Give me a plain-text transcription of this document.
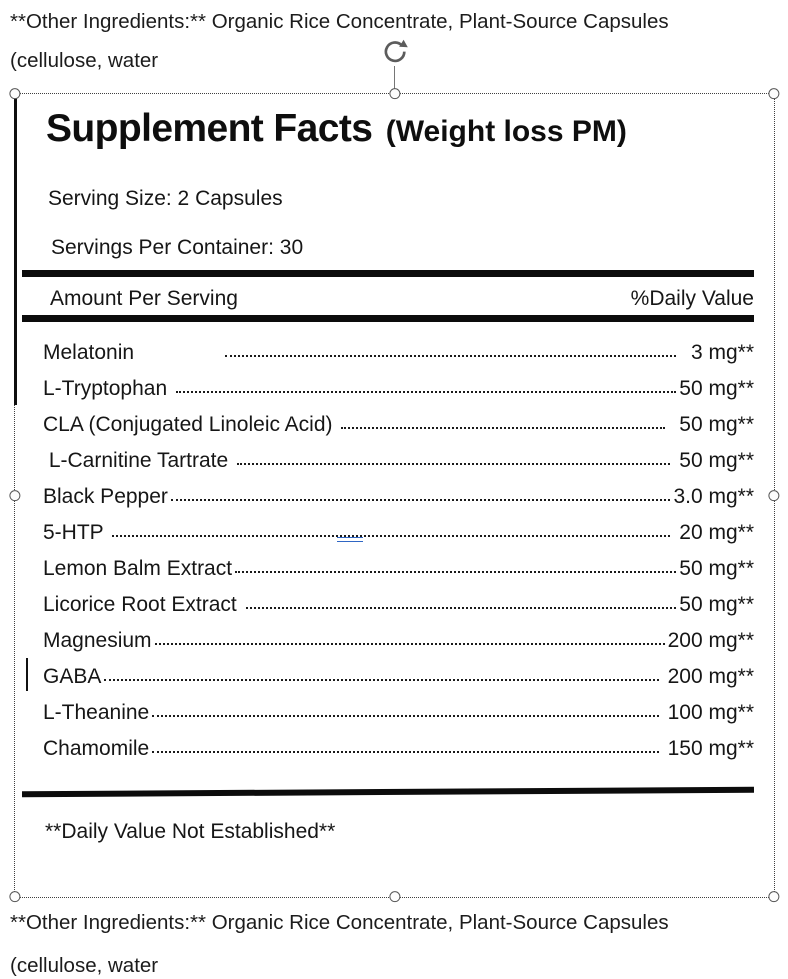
**Other Ingredients:** Organic Rice Concentrate, Plant-Source Capsules
(cellulose, water
Supplement Facts (Weight loss PM)
Serving Size: 2 Capsules
Servings Per Container: 30
Amount Per Serving	%Daily Value
Melatonin	3 mg**
L-Tryptophan	50 mg**
CLA (Conjugated Linoleic Acid)	50 mg**
L-Carnitine Tartrate	50 mg**
Black Pepper	3.0 mg**
5-HTP	20 mg**
Lemon Balm Extract	50 mg**
Licorice Root Extract	50 mg**
Magnesium	200 mg**
GABA	200 mg**
L-Theanine	100 mg**
Chamomile	150 mg**
**Daily Value Not Established**
**Other Ingredients:** Organic Rice Concentrate, Plant-Source Capsules
(cellulose, water
